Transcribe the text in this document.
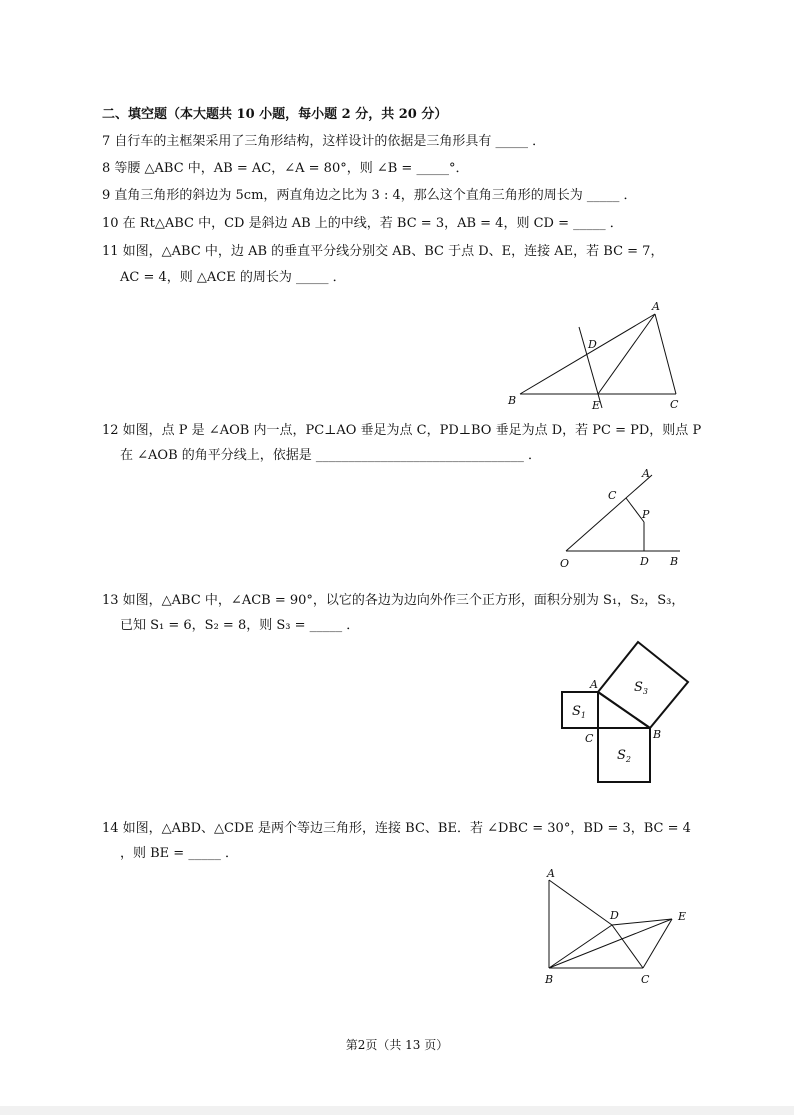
二、填空题（本大题共 10 小题，每小题 2 分，共 20 分）
7 自行车的主框架采用了三角形结构，这样设计的依据是三角形具有 _____ ．
8 等腰 △ABC 中，AB = AC，∠A = 80°，则 ∠B = _____°．
9 直角三角形的斜边为 5cm，两直角边之比为 3 : 4，那么这个直角三角形的周长为 _____ ．
10 在 Rt△ABC 中，CD 是斜边 AB 上的中线，若 BC = 3，AB = 4，则 CD = _____ ．
11 如图，△ABC 中，边 AB 的垂直平分线分别交 AB、BC 于点 D、E，连接 AE，若 BC = 7，
AC = 4，则 △ACE 的周长为 _____ ．
A
B	C
D
E
12 如图，点 P 是 ∠AOB 内一点，PC⊥AO 垂足为点 C，PD⊥BO 垂足为点 D，若 PC = PD，则点 P
在 ∠AOB 的角平分线上，依据是 ________________________________ ．
A
C
P
D
O	B
13 如图，△ABC 中，∠ACB = 90°，以它的各边为边向外作三个正方形，面积分别为 S₁，S₂，S₃，
已知 S₁ = 6，S₂ = 8，则 S₃ = _____ ．
A
C	B
$S_1$
$S_2$
$S_3$
14 如图，△ABD、△CDE 是两个等边三角形，连接 BC、BE．若 ∠DBC = 30°，BD = 3，BC = 4
，则 BE = _____ ．
A
D	E
B	C
第2页（共 13 页）
